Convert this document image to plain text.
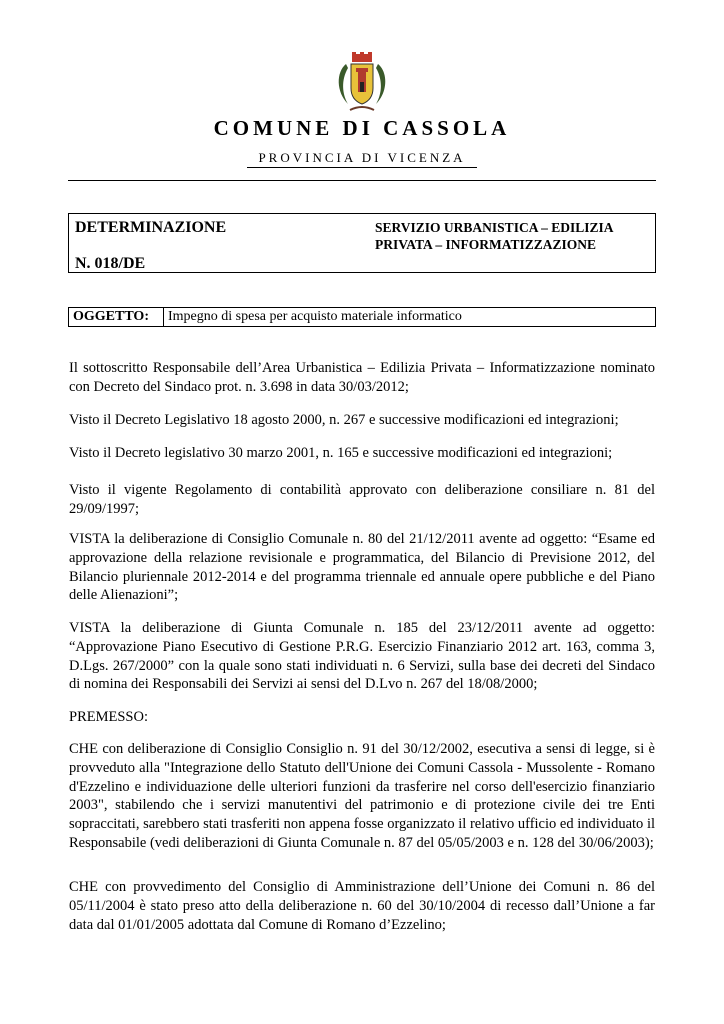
COMUNE DI CASSOLA
PROVINCIA DI VICENZA
DETERMINAZIONE
N. 018/DE
SERVIZIO URBANISTICA – EDILIZIA
PRIVATA – INFORMATIZZAZIONE
OGGETTO: Impegno di spesa per acquisto materiale informatico

Il sottoscritto Responsabile dell’Area Urbanistica – Edilizia Privata – Informatizzazione nominato con Decreto del Sindaco prot. n. 3.698 in data 30/03/2012;

Visto il Decreto Legislativo 18 agosto 2000, n. 267 e successive modificazioni ed integrazioni;

Visto il Decreto legislativo 30 marzo 2001, n. 165 e successive modificazioni ed integrazioni;

Visto il vigente Regolamento di contabilità approvato con deliberazione consiliare n. 81 del 29/09/1997;

VISTA la deliberazione di Consiglio Comunale n. 80 del 21/12/2011 avente ad oggetto: “Esame ed approvazione della relazione revisionale e programmatica, del Bilancio di Previsione 2012, del Bilancio pluriennale 2012-2014 e del programma triennale ed annuale opere pubbliche e del Piano delle Alienazioni”;

VISTA la deliberazione di Giunta Comunale n. 185 del 23/12/2011 avente ad oggetto: “Approvazione Piano Esecutivo di Gestione P.R.G. Esercizio Finanziario 2012 art. 163, comma 3, D.Lgs. 267/2000” con la quale sono stati individuati n. 6 Servizi, sulla base dei decreti del Sindaco di nomina dei Responsabili dei Servizi ai sensi del D.Lvo n. 267 del 18/08/2000;

PREMESSO:

CHE con deliberazione di Consiglio Consiglio n. 91 del 30/12/2002, esecutiva a sensi di legge, si è provveduto alla "Integrazione dello Statuto dell'Unione dei Comuni Cassola - Mussolente - Romano d'Ezzelino e individuazione delle ulteriori funzioni da trasferire nel corso dell'esercizio finanziario 2003", stabilendo che i servizi manutentivi del patrimonio e di protezione civile dei tre Enti sopraccitati, sarebbero stati trasferiti non appena fosse organizzato il relativo ufficio ed individuato il Responsabile (vedi deliberazioni di Giunta Comunale n. 87 del 05/05/2003 e n. 128 del 30/06/2003);

CHE con provvedimento del Consiglio di Amministrazione dell’Unione dei Comuni n. 86 del 05/11/2004 è stato preso atto della deliberazione n. 60 del 30/10/2004 di recesso dall’Unione a far data dal 01/01/2005 adottata dal Comune di Romano d’Ezzelino;
